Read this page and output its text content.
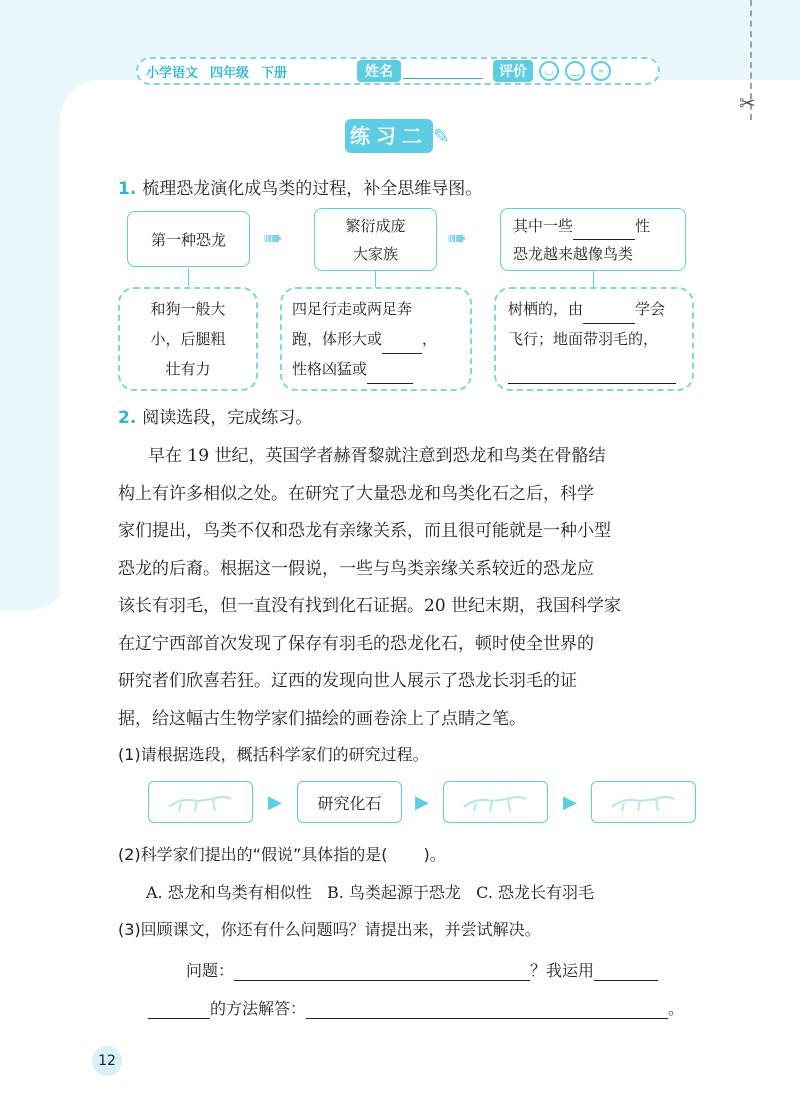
✂
小学语文 四年级 下册	姓名	评价	◡	‿	–
练习二 ✎
1. 梳理恐龙演化成鸟类的过程，补全思维导图。
第一种恐龙 ➠	繁衍成庞
大家族
➠	其中一些	性
恐龙越来越像鸟类
和狗一般大
小，后腿粗
壮有力
四足行走或两足奔
跑，体形大或	，
性格凶猛或
树栖的，由	学会
飞行；地面带羽毛的，
2. 阅读选段，完成练习。

早在 19 世纪，英国学者赫胥黎就注意到恐龙和鸟类在骨骼结

构上有许多相似之处。在研究了大量恐龙和鸟类化石之后，科学

家们提出，鸟类不仅和恐龙有亲缘关系，而且很可能就是一种小型

恐龙的后裔。根据这一假说，一些与鸟类亲缘关系较近的恐龙应

该长有羽毛，但一直没有找到化石证据。20 世纪末期，我国科学家

在辽宁西部首次发现了保存有羽毛的恐龙化石，顿时使全世界的

研究者们欣喜若狂。辽西的发现向世人展示了恐龙长羽毛的证

据，给这幅古生物学家们描绘的画卷涂上了点睛之笔。

(1)请根据选段，概括科学家们的研究过程。
▶ 研究化石 ▶	▶
(2)科学家们提出的“假说”具体指的是( )。
A. 恐龙和鸟类有相似性   B. 鸟类起源于恐龙   C. 恐龙长有羽毛
(3)回顾课文，你还有什么问题吗？请提出来，并尝试解决。
问题：	？我运用
的方法解答：	。
12
